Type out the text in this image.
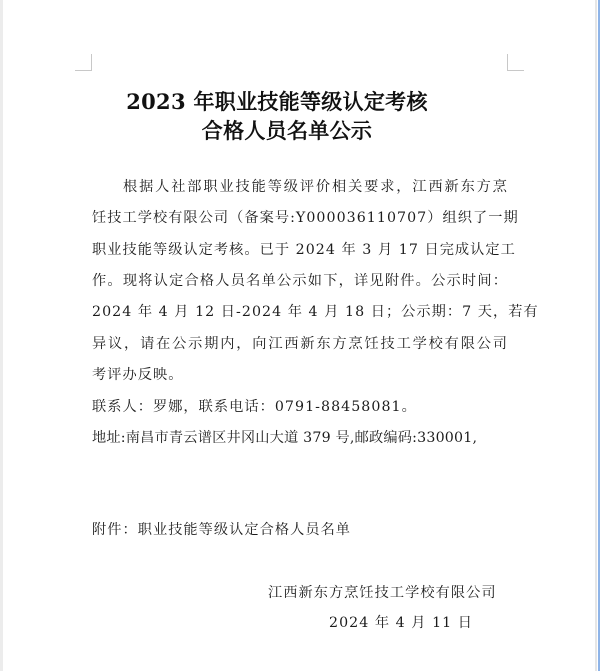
2023 年职业技能等级认定考核
合格人员名单公示
根据人社部职业技能等级评价相关要求，江西新东方烹
饪技工学校有限公司（备案号:Y000036110707）组织了一期
职业技能等级认定考核。已于 2024 年 3 月 17 日完成认定工
作。现将认定合格人员名单公示如下，详见附件。公示时间：
2024 年 4 月 12 日-2024 年 4 月 18 日；公示期：7 天，若有
异议，请在公示期内，向江西新东方烹饪技工学校有限公司
考评办反映。
联系人：罗娜，联系电话：0791-88458081。
地址:南昌市青云谱区井冈山大道 379 号,邮政编码:330001,
附件：职业技能等级认定合格人员名单
江西新东方烹饪技工学校有限公司
2024 年 4 月 11 日
